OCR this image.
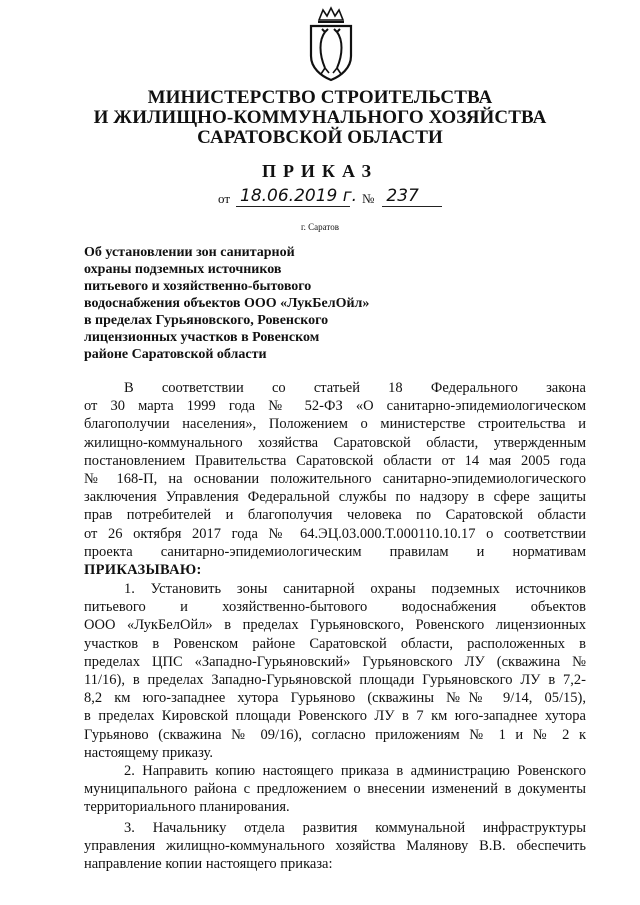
МИНИСТЕРСТВО СТРОИТЕЛЬСТВА
И ЖИЛИЩНО-КОММУНАЛЬНОГО ХОЗЯЙСТВА
САРАТОВСКОЙ ОБЛАСТИ
ПРИКАЗ
от 18.06.2019 г. № 237
г. Саратов
Об установлении зон санитарной
охраны подземных источников
питьевого и хозяйственно-бытового
водоснабжения объектов ООО «ЛукБелОйл»
в пределах Гурьяновского, Ровенского
лицензионных участков в Ровенском
районе Саратовской области
В соответствии со статьей 18 Федерального закона
от 30 марта 1999 года № 52-ФЗ «О санитарно-эпидемиологическом
благополучии населения», Положением о министерстве строительства и
жилищно-коммунального хозяйства Саратовской области, утвержденным
постановлением Правительства Саратовской области от 14 мая 2005 года
№ 168-П, на основании положительного санитарно-эпидемиологического
заключения Управления Федеральной службы по надзору в сфере защиты
прав потребителей и благополучия человека по Саратовской области
от 26 октября 2017 года № 64.ЭЦ.03.000.Т.000110.10.17 о соответствии
проекта санитарно-эпидемиологическим правилам и нормативам
ПРИКАЗЫВАЮ:
1. Установить зоны санитарной охраны подземных источников
питьевого и хозяйственно-бытового водоснабжения объектов
ООО «ЛукБелОйл» в пределах Гурьяновского, Ровенского лицензионных
участков в Ровенском районе Саратовской области, расположенных в
пределах ЦПС «Западно-Гурьяновский» Гурьяновского ЛУ (скважина №
11/16), в пределах Западно-Гурьяновской площади Гурьяновского ЛУ в 7,2-
8,2 км юго-западнее хутора Гурьяново (скважины №№ 9/14, 05/15),
в пределах Кировской площади Ровенского ЛУ в 7 км юго-западнее хутора
Гурьяново (скважина № 09/16), согласно приложениям № 1 и № 2 к
настоящему приказу.
2. Направить копию настоящего приказа в администрацию Ровенского
муниципального района с предложением о внесении изменений в документы
территориального планирования.
3. Начальнику отдела развития коммунальной инфраструктуры
управления жилищно-коммунального хозяйства Малянову В.В. обеспечить
направление копии настоящего приказа:
